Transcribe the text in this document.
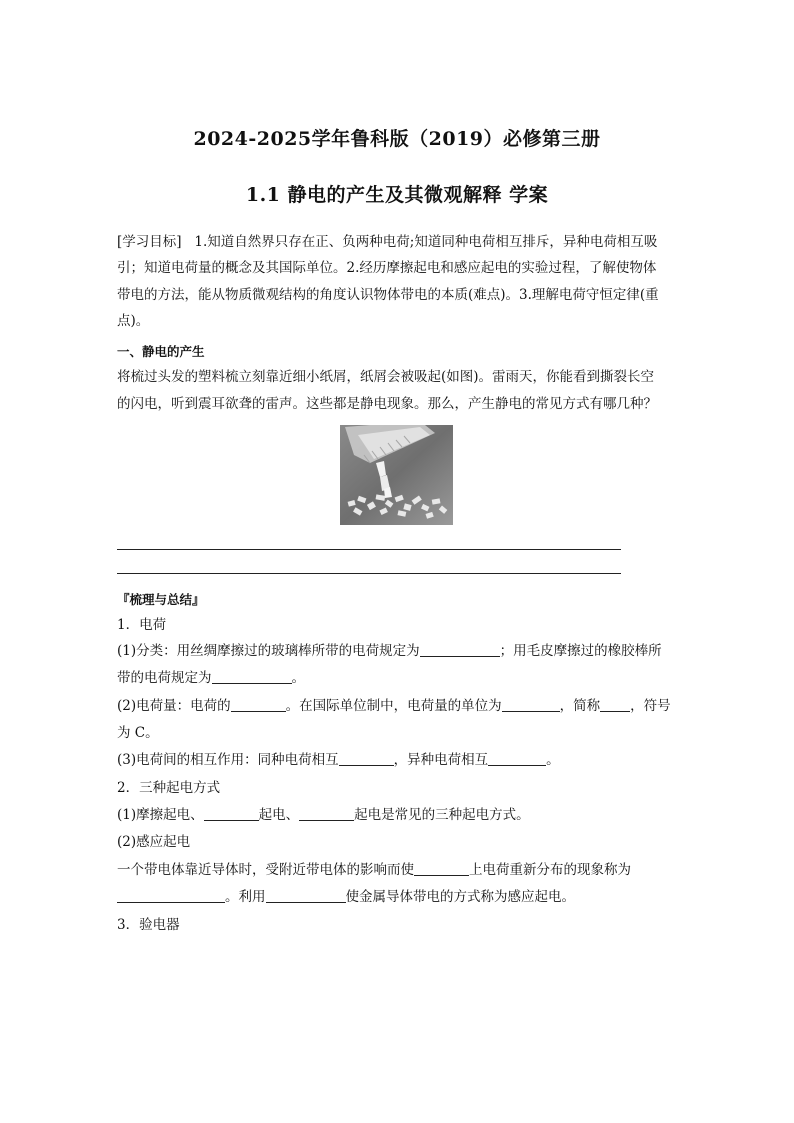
2024-2025学年鲁科版（2019）必修第三册
1.1 静电的产生及其微观解释 学案
[学习目标] 1.知道自然界只存在正、负两种电荷;知道同种电荷相互排斥，异种电荷相互吸
引；知道电荷量的概念及其国际单位。2.经历摩擦起电和感应起电的实验过程，了解使物体
带电的方法，能从物质微观结构的角度认识物体带电的本质(难点)。3.理解电荷守恒定律(重
点)。
一、静电的产生
将梳过头发的塑料梳立刻靠近细小纸屑，纸屑会被吸起(如图)。雷雨天，你能看到撕裂长空
的闪电，听到震耳欲聋的雷声。这些都是静电现象。那么，产生静电的常见方式有哪几种？
『梳理与总结』
1．电荷
(1)分类：用丝绸摩擦过的玻璃棒所带的电荷规定为	；用毛皮摩擦过的橡胶棒所
带的电荷规定为	。
(2)电荷量：电荷的	。在国际单位制中，电荷量的单位为	，简称 ，符号
为 C。
(3)电荷间的相互作用：同种电荷相互	，异种电荷相互	。
2．三种起电方式
(1)摩擦起电、	起电、	起电是常见的三种起电方式。
(2)感应起电
一个带电体靠近导体时，受附近带电体的影响而使	上电荷重新分布的现象称为
。利用	使金属导体带电的方式称为感应起电。
3．验电器
